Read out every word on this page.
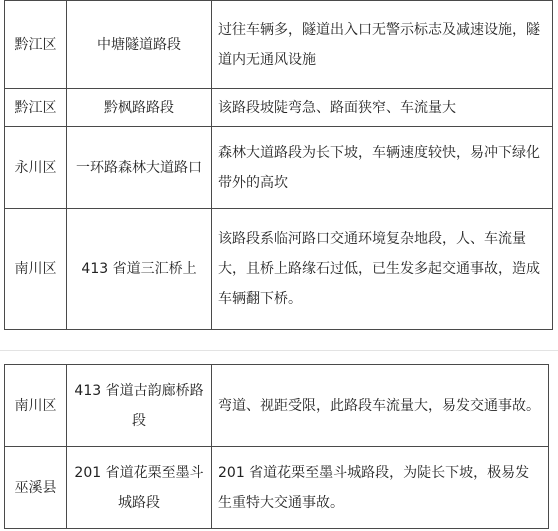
黔江区	中塘隧道路段	过往车辆多，隧道出入口无警示标志及减速设施，隧道内无通风设施
黔江区	黔枫路路段	该路段坡陡弯急、路面狭窄、车流量大
永川区	一环路森林大道路口	森林大道路段为长下坡，车辆速度较快，易冲下绿化带外的高坎
南川区	413 省道三汇桥上	该路段系临河路口交通环境复杂地段，人、车流量大，且桥上路缘石过低，已生发多起交通事故，造成车辆翻下桥。
南川区	413 省道古韵廊桥路段	弯道、视距受限，此路段车流量大，易发交通事故。
巫溪县	201 省道花栗至墨斗城路段	201 省道花栗至墨斗城路段，为陡长下坡，极易发生重特大交通事故。
